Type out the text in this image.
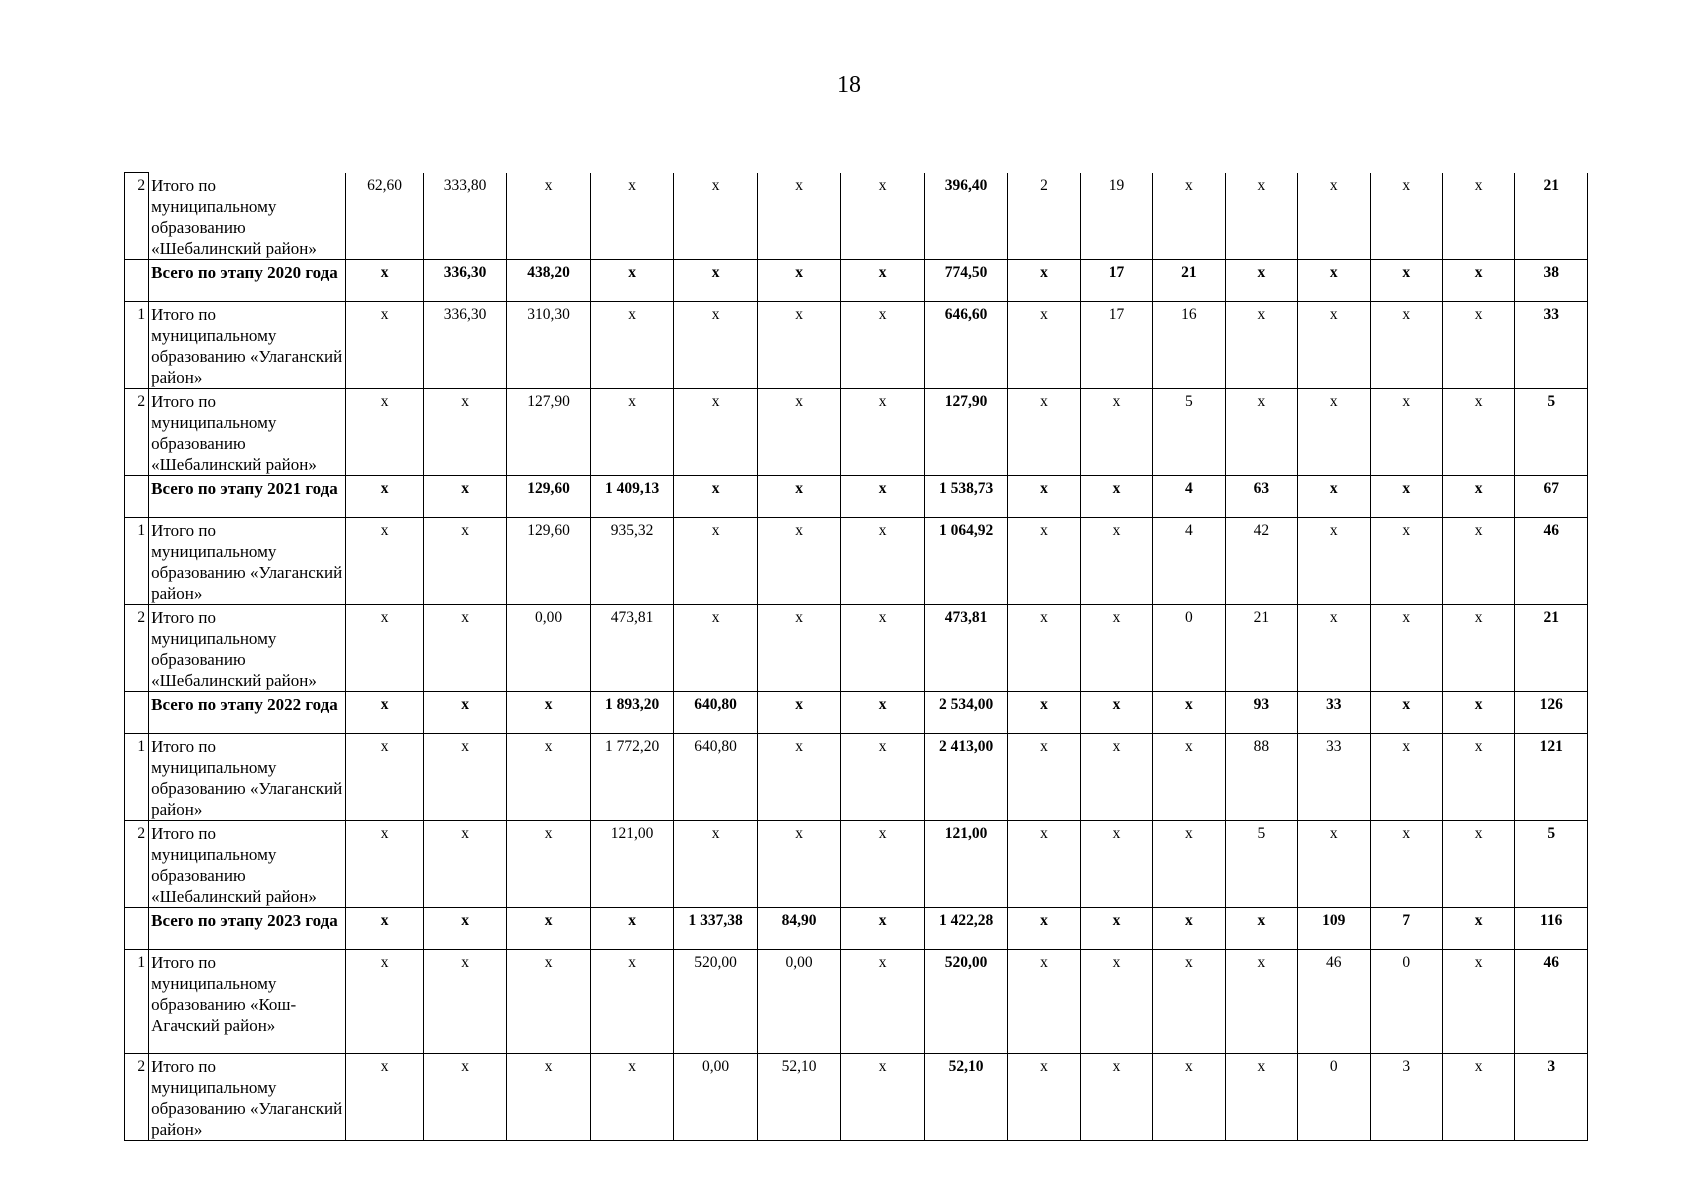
18
2	Итого по муниципальному образованию «Шебалинский район»	62,60	333,80	х	х	х	х	х	396,40	2	19	х	х	х	х	х	21
	Всего по этапу 2020 года	х	336,30	438,20	х	х	х	х	774,50	х	17	21	х	х	х	х	38
1	Итого по муниципальному образованию «Улаганский район»	х	336,30	310,30	х	х	х	х	646,60	х	17	16	х	х	х	х	33
2	Итого по муниципальному образованию «Шебалинский район»	х	х	127,90	х	х	х	х	127,90	х	х	5	х	х	х	х	5
	Всего по этапу 2021 года	х	х	129,60	1 409,13	х	х	х	1 538,73	х	х	4	63	х	х	х	67
1	Итого по муниципальному образованию «Улаганский район»	х	х	129,60	935,32	х	х	х	1 064,92	х	х	4	42	х	х	х	46
2	Итого по муниципальному образованию «Шебалинский район»	х	х	0,00	473,81	х	х	х	473,81	х	х	0	21	х	х	х	21
	Всего по этапу 2022 года	х	х	х	1 893,20	640,80	х	х	2 534,00	х	х	х	93	33	х	х	126
1	Итого по муниципальному образованию «Улаганский район»	х	х	х	1 772,20	640,80	х	х	2 413,00	х	х	х	88	33	х	х	121
2	Итого по муниципальному образованию «Шебалинский район»	х	х	х	121,00	х	х	х	121,00	х	х	х	5	х	х	х	5
	Всего по этапу 2023 года	х	х	х	х	1 337,38	84,90	х	1 422,28	х	х	х	х	109	7	х	116
1	Итого по муниципальному образованию «Кош-Агачский район»	х	х	х	х	520,00	0,00	х	520,00	х	х	х	х	46	0	х	46
2	Итого по муниципальному образованию «Улаганский район»	х	х	х	х	0,00	52,10	х	52,10	х	х	х	х	0	3	х	3
